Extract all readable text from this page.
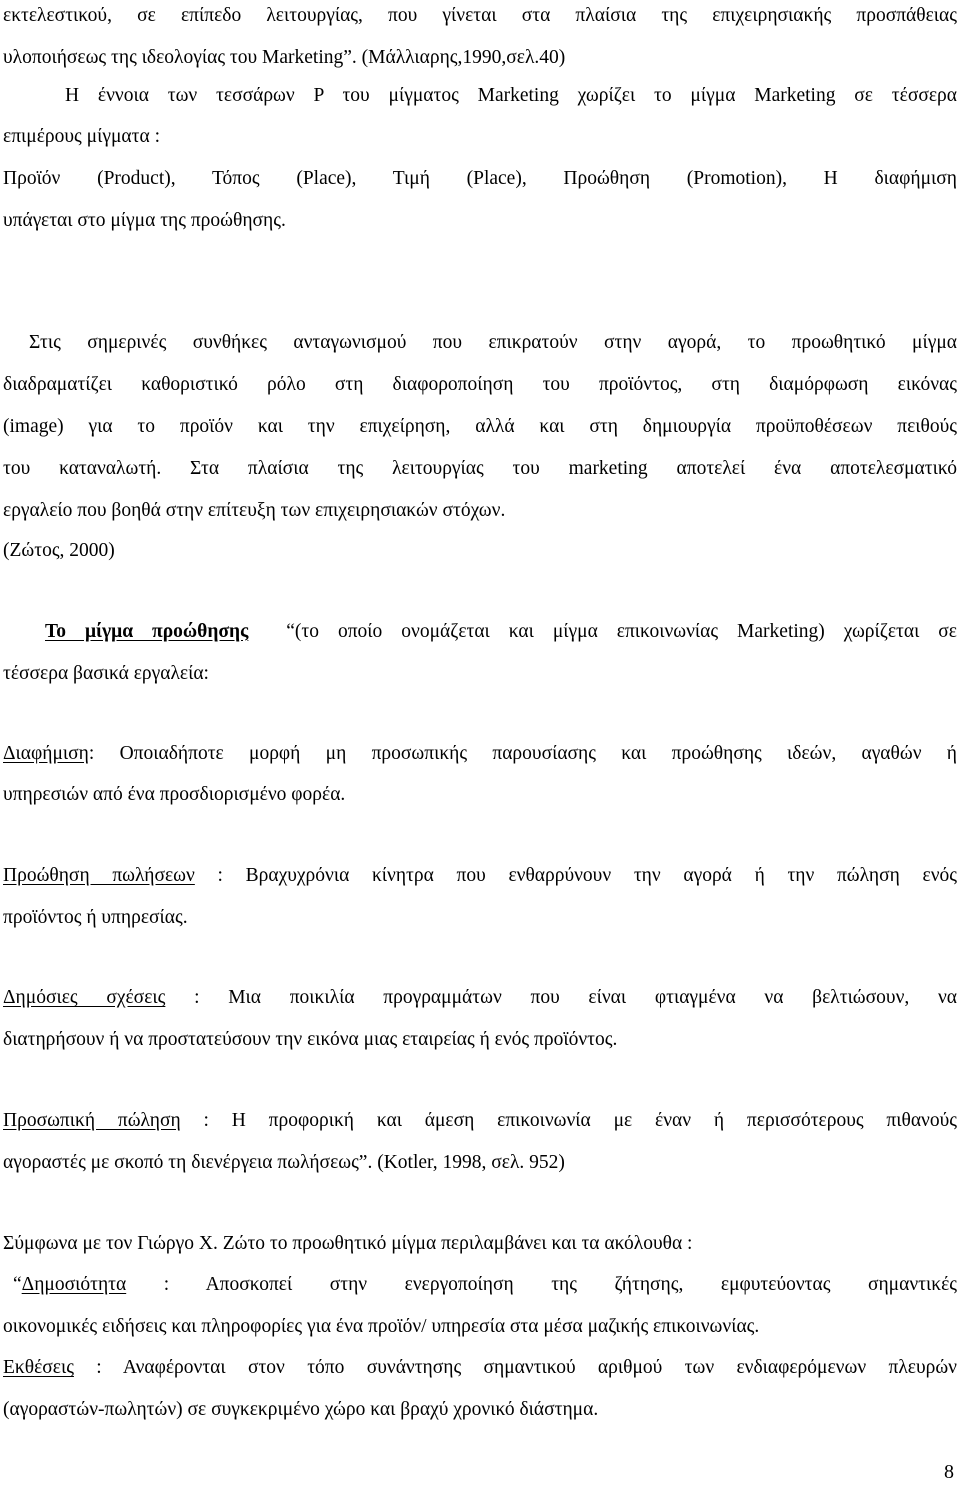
εκτελεστικού, σε επίπεδο λειτουργίας, που γίνεται στα πλαίσια της επιχειρησιακής προσπάθειας
υλοποιήσεως της ιδεολογίας του Marketing”. (Μάλλιαρης,1990,σελ.40)
Η έννοια των τεσσάρων P του μίγματος Marketing χωρίζει το μίγμα Marketing σε τέσσερα
επιμέρους μίγματα :
Προϊόν (Product), Τόπος (Place), Τιμή (Place), Προώθηση (Promotion), Η διαφήμιση
υπάγεται στο μίγμα της προώθησης.
Στις σημερινές συνθήκες ανταγωνισμού που επικρατούν στην αγορά, το προωθητικό μίγμα
διαδραματίζει καθοριστικό ρόλο στη διαφοροποίηση του προϊόντος, στη διαμόρφωση εικόνας
(image) για το προϊόν και την επιχείρηση, αλλά και στη δημιουργία προϋποθέσεων πειθούς
του καταναλωτή. Στα πλαίσια της λειτουργίας του marketing αποτελεί ένα αποτελεσματικό
εργαλείο που βοηθά στην επίτευξη των επιχειρησιακών στόχων.
(Ζώτος, 2000)
Το μίγμα προώθησης “(το οποίο ονομάζεται και μίγμα επικοινωνίας Marketing) χωρίζεται σε
τέσσερα βασικά εργαλεία:
Διαφήμιση: Οποιαδήποτε μορφή μη προσωπικής παρουσίασης και προώθησης ιδεών, αγαθών ή
υπηρεσιών από ένα προσδιορισμένο φορέα.
Προώθηση πωλήσεων : Βραχυχρόνια κίνητρα που ενθαρρύνουν την αγορά ή την πώληση ενός
προϊόντος ή υπηρεσίας.
Δημόσιες σχέσεις : Μια ποικιλία προγραμμάτων που είναι φτιαγμένα να βελτιώσουν, να
διατηρήσουν ή να προστατεύσουν την εικόνα μιας εταιρείας ή ενός προϊόντος.
Προσωπική πώληση : Η προφορική και άμεση επικοινωνία με έναν ή περισσότερους πιθανούς
αγοραστές με σκοπό τη διενέργεια πωλήσεως”. (Kotler, 1998, σελ. 952)
Σύμφωνα με τον Γιώργο Χ. Ζώτο το προωθητικό μίγμα περιλαμβάνει και τα ακόλουθα :
“Δημοσιότητα : Αποσκοπεί στην ενεργοποίηση της ζήτησης, εμφυτεύοντας σημαντικές
οικονομικές ειδήσεις και πληροφορίες για ένα προϊόν/ υπηρεσία στα μέσα μαζικής επικοινωνίας.
Εκθέσεις : Αναφέρονται στον τόπο συνάντησης σημαντικού αριθμού των ενδιαφερόμενων πλευρών
(αγοραστών-πωλητών) σε συγκεκριμένο χώρο και βραχύ χρονικό διάστημα.
8
